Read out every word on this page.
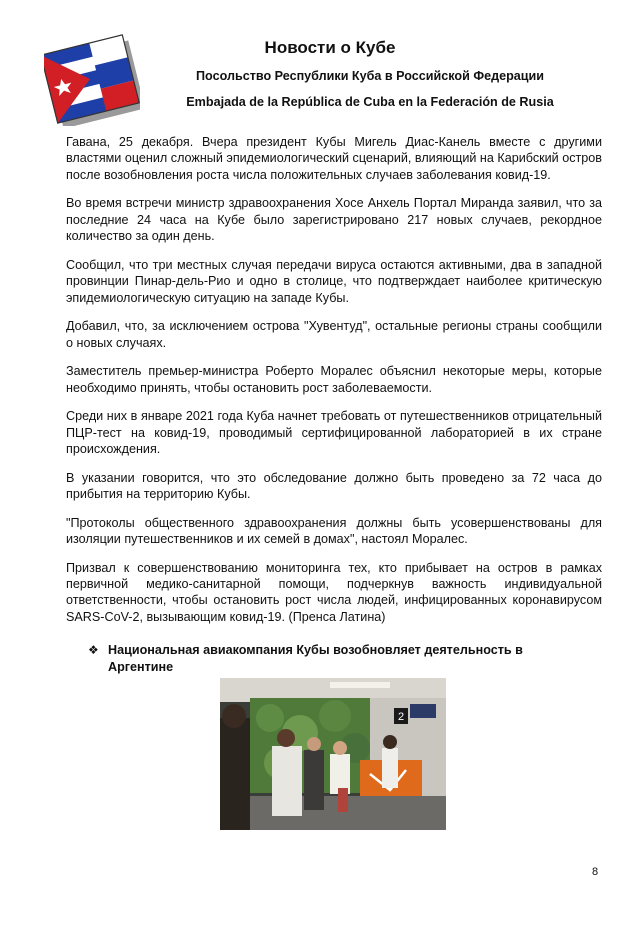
Новости о Кубе
Посольство Республики Куба в Российской Федерации
Embajada de la República de Cuba en la Federación de Rusia

Гавана, 25 декабря. Вчера президент Кубы Мигель Диас-Канель вместе с другими властями оценил сложный эпидемиологический сценарий, влияющий на Карибский остров после возобновления роста числа положительных случаев заболевания ковид-19.

Во время встречи министр здравоохранения Хосе Анхель Портал Миранда заявил, что за последние 24 часа на Кубе было зарегистрировано 217 новых случаев, рекордное количество за один день.

Сообщил, что три местных случая передачи вируса остаются активными, два в западной провинции Пинар-дель-Рио и одно в столице, что подтверждает наиболее критическую эпидемиологическую ситуацию на западе Кубы.

Добавил, что, за исключением острова "Хувентуд", остальные регионы страны сообщили о новых случаях.

Заместитель премьер-министра Роберто Моралес объяснил некоторые меры, которые необходимо принять, чтобы остановить рост заболеваемости.

Среди них в январе 2021 года Куба начнет требовать от путешественников отрицательный ПЦР-тест на ковид-19, проводимый сертифицированной лабораторией в их стране происхождения.

В указании говорится, что это обследование должно быть проведено за 72 часа до прибытия на территорию Кубы.

"Протоколы общественного здравоохранения должны быть усовершенствованы для изоляции путешественников и их семей в домах", настоял Моралес.

Призвал к совершенствованию мониторинга тех, кто прибывает на остров в рамках первичной медико-санитарной помощи, подчеркнув важность индивидуальной ответственности, чтобы остановить рост числа людей, инфицированных коронавирусом SARS-CoV-2, вызывающим ковид-19. (Пренса Латина)

❖ Национальная авиакомпания Кубы возобновляет деятельность в Аргентине
2
8
